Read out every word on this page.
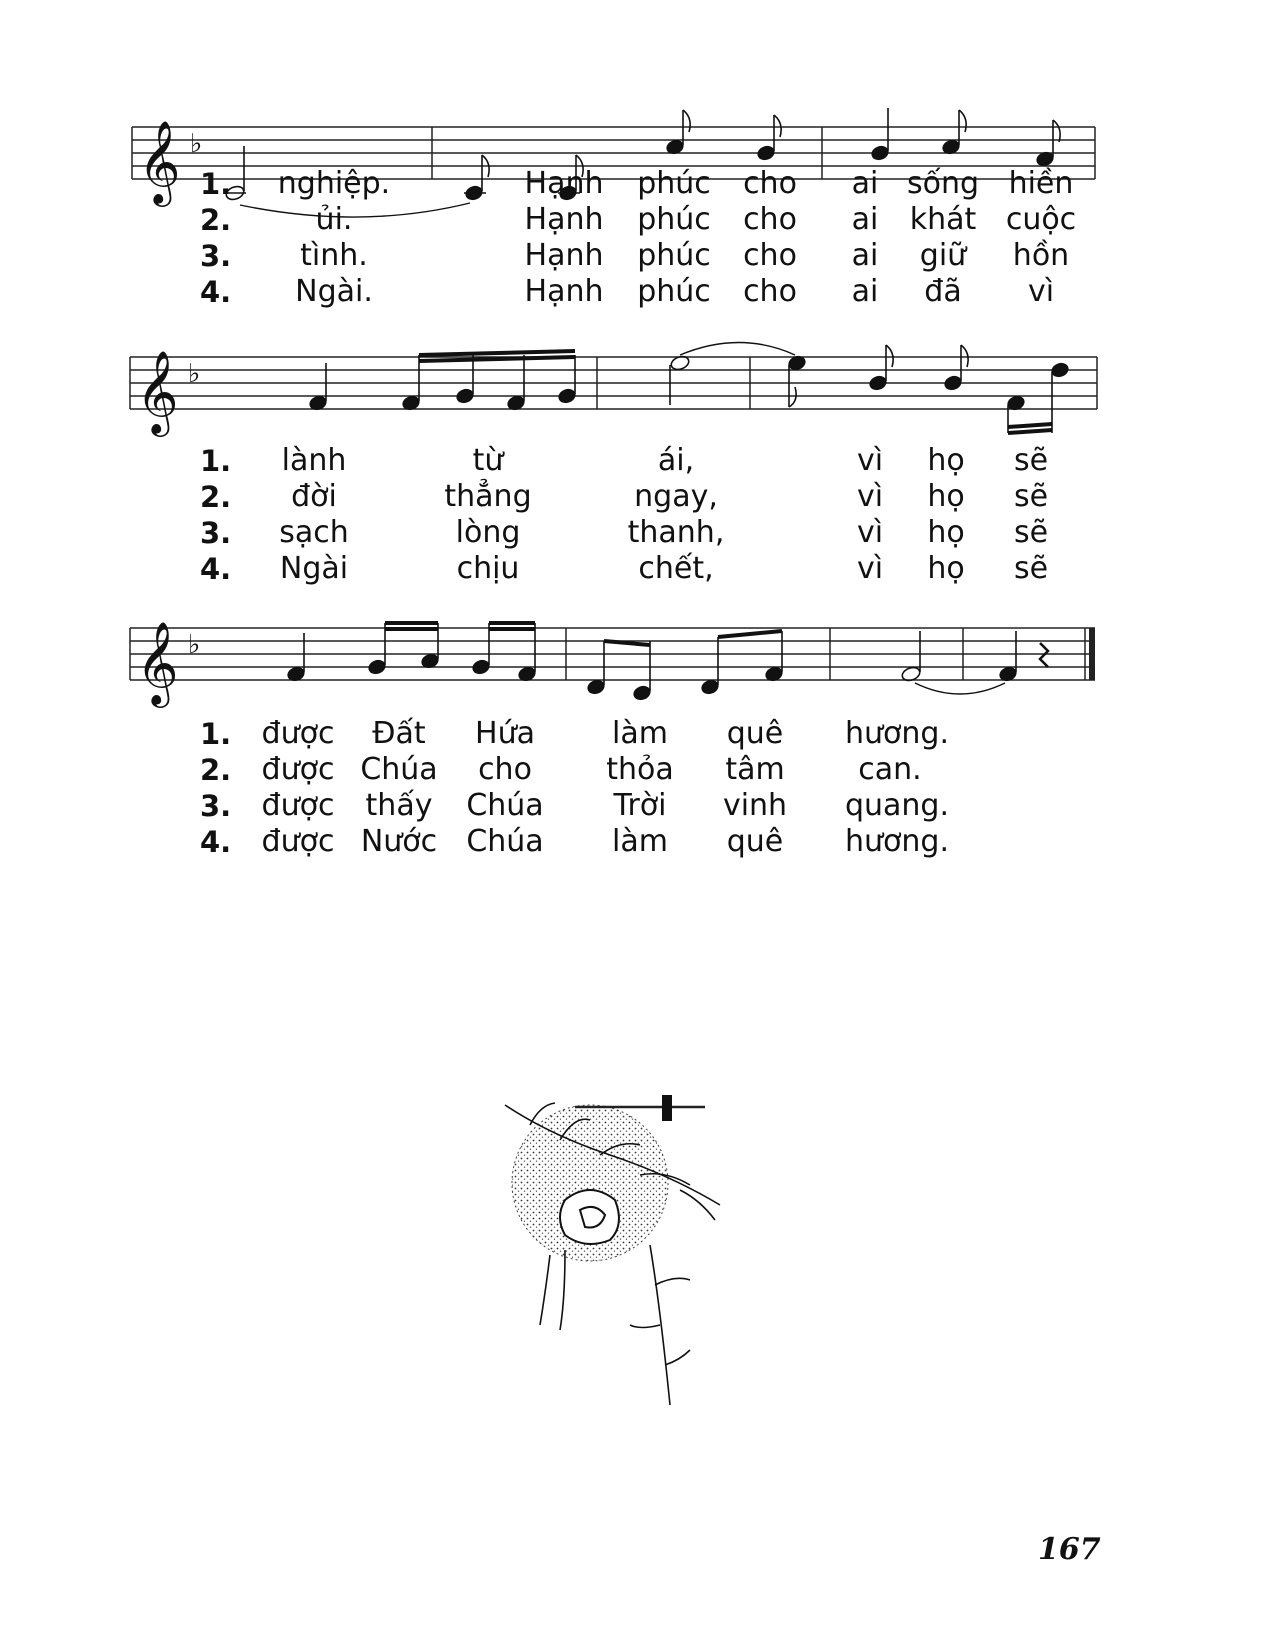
𝄞 ♭
1. nghiệp.	Hạnh phúc cho ai sống hiền
2.	ủi.	Hạnh phúc cho ai khát cuộc
3. tình.	Hạnh phúc cho ai giữ hồn
4. Ngài.	Hạnh phúc cho ai đã vì
𝄞 ♭
1. lành	từ	ái,	vì họ sẽ
2. đời	thẳng	ngay,	vì họ sẽ
3. sạch	lòng	thanh,	vì họ sẽ
4. Ngài	chịu	chết,	vì họ sẽ
𝄞 ♭
1. được Đất Hứa	làm quê hương.
2. được Chúa cho thỏa tâm can.
3. được thấy Chúa Trời vinh quang.
4. được Nước Chúa làm quê hương.
167
